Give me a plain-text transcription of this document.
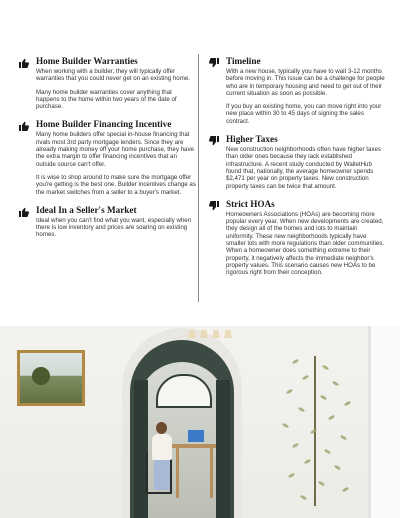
Home Builder Warranties
When working with a builder, they will typically offer warranties that you could never get on an existing home.
Many home builder warranties cover anything that happens to the home within two years of the date of purchase.
Home Builder Financing Incentive
Many home builders offer special in-house financing that rivals most 3rd party mortgage lenders. Since they are already making money off your home purchase, they have the extra margin to offer financing incentives that an outside source can't offer.
It is wise to shop around to make sure the mortgage offer you're getting is the best one. Builder incentives change as the market switches from a seller to a buyer's market.
Ideal In a Seller's Market
Ideal when you can't find what you want, especially when there is low inventory and prices are soaring on existing homes.
Timeline
With a new house, typically you have to wait 3-12 months before moving in. This issue can be a challenge for people who are in temporary housing and need to get out of their current situation as soon as possible.
If you buy an existing home, you can move right into your new place within 30 to 45 days of signing the sales contract.
Higher Taxes
New construction neighborhoods often have higher taxes than older ones because they lack established infrastructure. A recent study conducted by WalletHub found that, nationally, the average homeowner spends $2,471 per year on property taxes. New construction property taxes can be twice that amount.
Strict HOAs
Homeowners Associations (HOAs) are becoming more popular every year. When new developments are created, they design all of the homes and lots to maintain uniformity. These new neighborhoods typically have smaller lots with more regulations than older communities. When a homeowner does something extreme to their property, it negatively affects the immediate neighbor's property values. This scenario causes new HOAs to be rigorous right from their conception.
